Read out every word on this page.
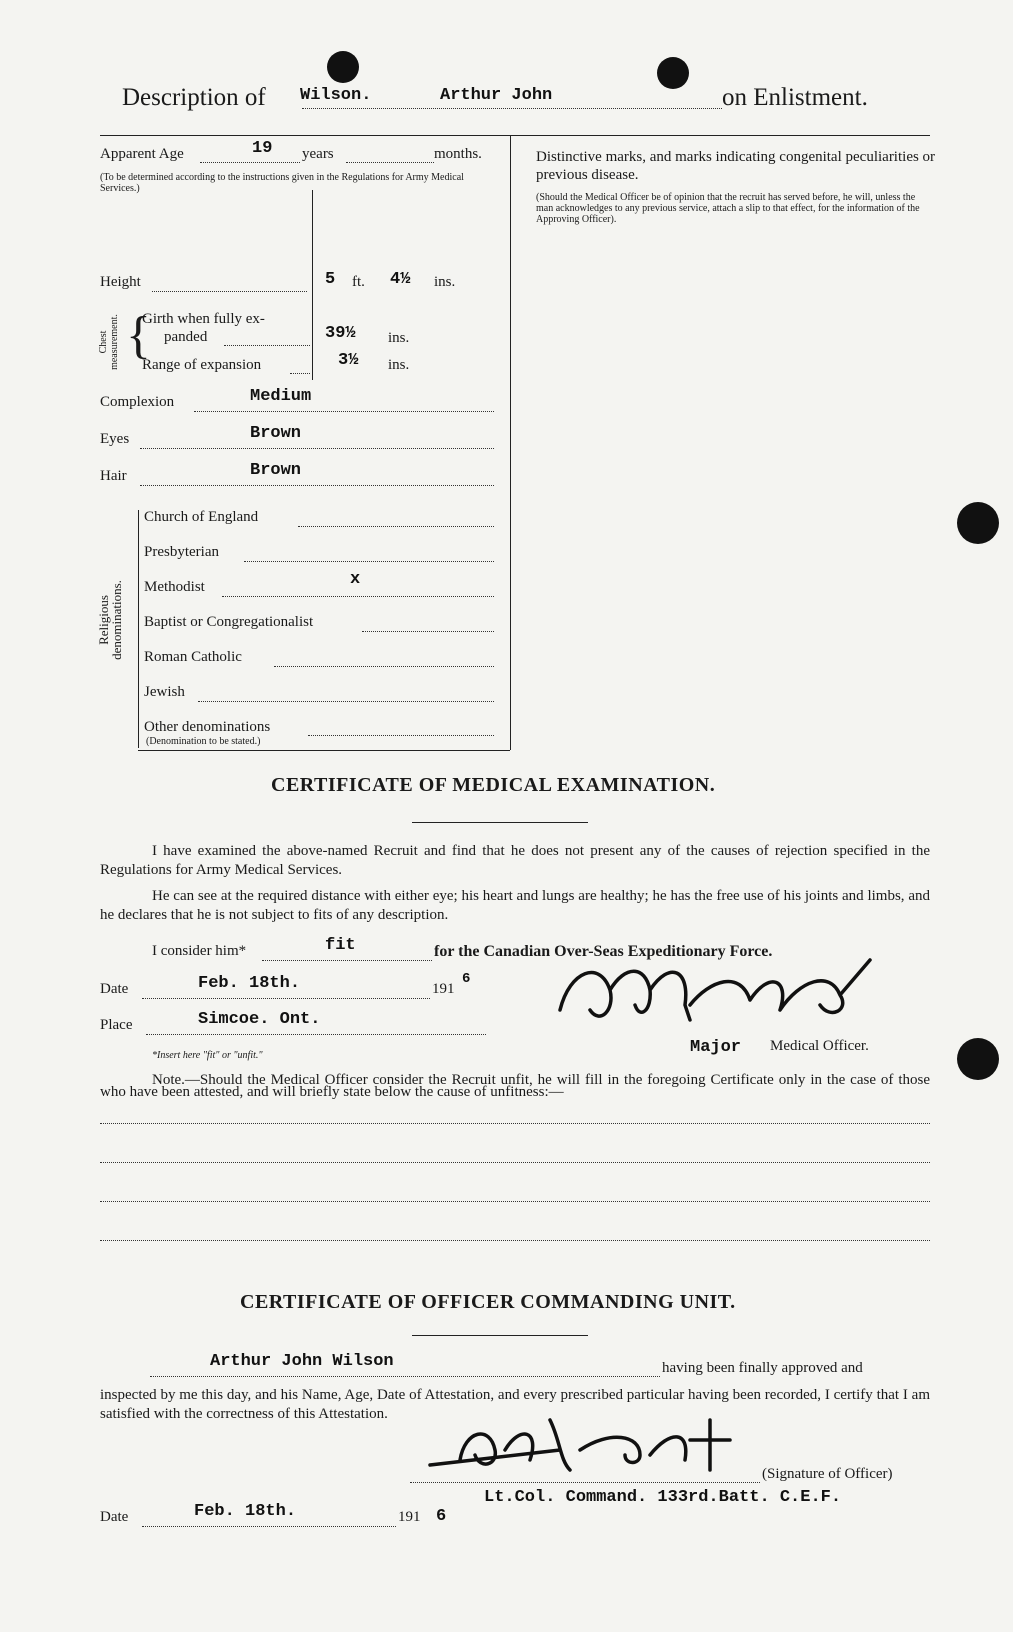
Description of Wilson.	Arthur John	on Enlistment.
Apparent Age	19 years	months.
(To be determined according to the instructions given in the Regulations for Army Medical Services.)
Height	5 ft. 4½ ins.
{
Chest measurement. Girth when fully ex-
panded	39½ ins.
Range of expansion	3½ ins.
Complexion	Medium
Eyes	Brown
Hair	Brown
Religious
denominations.
Church of England
Presbyterian
Methodist	x
Baptist or Congregationalist
Roman Catholic
Jewish
Other denominations
(Denomination to be stated.)
Distinctive marks, and marks indicating congenital peculiarities or previous disease.
(Should the Medical Officer be of opinion that the recruit has served before, he will, unless the man acknowledges to any previous service, attach a slip to that effect, for the information of the Approving Officer).
CERTIFICATE OF MEDICAL EXAMINATION.
I have examined the above-named Recruit and find that he does not present any of the causes of rejection specified in the Regulations for Army Medical Services.
He can see at the required distance with either eye; his heart and lungs are healthy; he has the free use of his joints and limbs, and he declares that he is not subject to fits of any description.
I consider him*	fit	for the Canadian Over-Seas Expeditionary Force.
Date	Feb. 18th.	191
6
Place	Simcoe. Ont.
*Insert here "fit" or "unfit."	Major Medical Officer.
Note.—Should the Medical Officer consider the Recruit unfit, he will fill in the foregoing Certificate only in the case of those who have been attested, and will briefly state below the cause of unfitness:—
CERTIFICATE OF OFFICER COMMANDING UNIT.
Arthur John Wilson	having been finally approved and
inspected by me this day, and his Name, Age, Date of Attestation, and every prescribed particular having been recorded, I certify that I am satisfied with the correctness of this Attestation.
(Signature of Officer)
Lt.Col. Command. 133rd.Batt. C.E.F.
Date	Feb. 18th.	191 6
